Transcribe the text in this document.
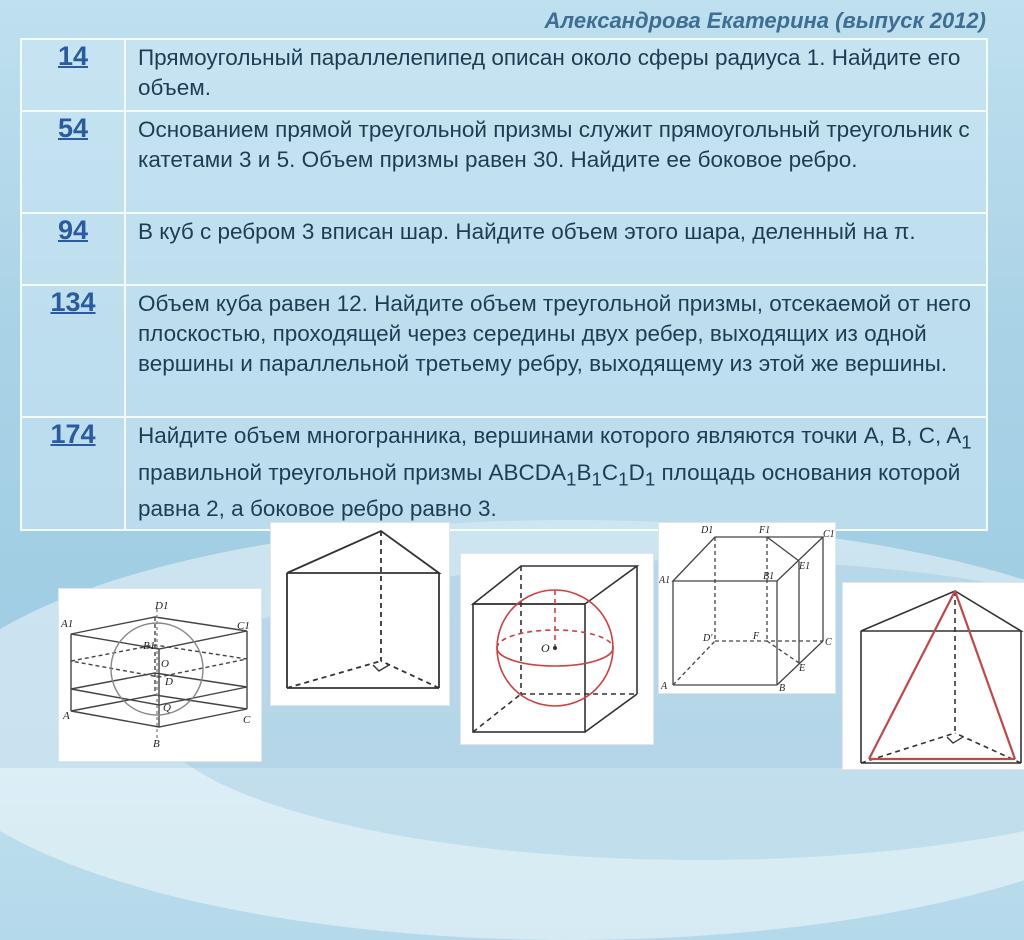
Александрова Екатерина (выпуск 2012)
14	Прямоугольный параллелепипед описан около сферы радиуса 1. Найдите его объем.
54	Основанием прямой треугольной призмы служит прямоугольный треугольник с катетами 3 и 5. Объем призмы равен 30. Найдите ее боковое ребро.
94	В куб с ребром 3 вписан шар. Найдите объем этого шара, деленный на π.
134	Объем куба равен 12. Найдите объем треугольной призмы, отсекаемой от него плоскостью, проходящей через середины двух ребер, выходящих из одной вершины и параллельной третьему ребру, выходящему из этой же вершины.
174	Найдите объем многогранника, вершинами которого являются точки A, B, C, $A_1$ правильной треугольной призмы $ABCDA_1B_1C_1D_1$ площадь основания которой равна 2, а боковое ребро равно 3.
D1
A1	C1
B1
O
D
A
Q
C
B
O
D1	F1	C1
A1	B1
E1
D'	F
C
A
E
B
